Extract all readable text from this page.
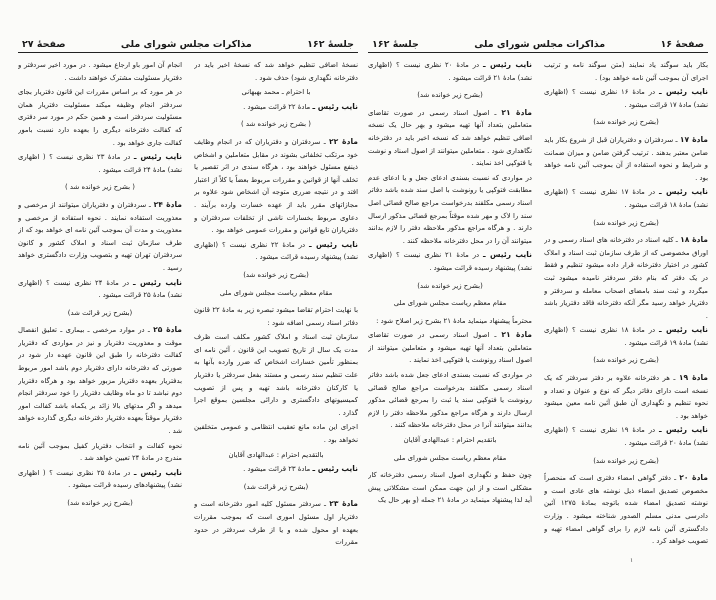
جلسهٔ ۱۶۲
مذاکرات مجلس شورای ملی
صفحهٔ ۲۷

نسخهٔ اضافی تنظیم خواهد شد که نسخهٔ اخیر باید در دفترخانه نگهداری شود) حذف شود .

با احترام ـ محمد بهبهانی

نایب رئیس ـ مادهٔ ۲۲ قرائت میشود .

( بشرح زیر خوانده شد )

مادهٔ ۲۲ ـ سردفتران و دفتریاران که در انجام وظایف خود مرتکب تخلفاتی بشوند در مقابل متعاملین و اشخاص ذینفع مسئول خواهند بود ، هرگاه سندی در اثر تقصیر یا تخلف آنها از قوانین و مقررات مربوط بعضاً یا کلاً از اعتبار افتد و در نتیجه ضرری متوجه آن اشخاص شود علاوه بر مجازاتهای مقرر باید از عهده خسارت وارده برآیند . دعاوی مربوط بخسارات ناشی از تخلفات سردفتران و دفتریاران تابع قوانین و مقررات عمومی خواهد بود .

نایب رئیس ـ در مادهٔ ۲۲ نظری نیست ؟ (اظهاری نشد) پیشنهاد رسیده قرائت میشود .

(بشرح زیر خوانده شد)

مقام معظم ریاست مجلس شورای ملی

با نهایت احترام تقاضا میشود تبصره زیر به مادهٔ ۲۲ قانون دفاتر اسناد رسمی اضافه شود :

سازمان ثبت اسناد و املاک کشور مکلف است ظرف مدت یک سال از تاریخ تصویب این قانون ، آئین نامه ای بمنظور تأمین خسارات اشخاص که ضرر وارده بآنها به علت تنظیم سند رسمی و مستند بفعل سردفتر یا دفتریار یا کارکنان دفترخانه باشد تهیه و پس از تصویب کمیسیونهای دادگستری و دارائی مجلسین بموقع اجرا گذارد .

اجرای این ماده مانع تعقیب انتظامی و عمومی متخلفین نخواهد بود .

بالتقدیم احترام : عبدالهادی آقایان

نایب رئیس ـ مادهٔ ۲۳ قرائت میشود .

(بشرح زیر قرائت شد)

مادهٔ ۲۳ ـ سردفتر مسئول کلیه امور دفترخانه است و دفتریار اول مسئول اموری است که بموجب مقررات بعهده او محول شده و یا از طرف سردفتر در حدود مقررات

انجام آن امور باو ارجاع میشود . در مورد اخیر سردفتر و دفتریار مسئولیت مشترک خواهند داشت .

در هر مورد که بر اساس مقررات این قانون دفتریار بجای سردفتر انجام وظیفه میکند مسئولیت دفتریار همان مسئولیت سردفتر است و همین حکم در مورد سر دفتری که کفالت دفترخانه دیگری را بعهده دارد نسبت بامور کفالت جاری خواهد بود .

نایب رئیس ـ در مادهٔ ۲۳ نظری نیست ؟ ( اظهاری نشد) مادهٔ ۲۴ قرائت میشود .

( بشرح زیر خوانده شد )

مادهٔ ۲۴ ـ سردفتران و دفتریاران میتوانند از مرخصی و معذوریت استفاده نمایند . نحوه استفاده از مرخصی و معذوریت و مدت آن بموجب آئین نامه ای خواهد بود که از طرف سازمان ثبت اسناد و املاک کشور و کانون سردفتران تهران تهیه و بتصویب وزارت دادگستری خواهد رسید .

نایب رئیس ـ در مادهٔ ۲۴ نظری نیست ؟ (اظهاری نشد) مادهٔ ۲۵ قرائت میشود .

(بشرح زیر قرائت شد)

مادهٔ ۲۵ ـ در موارد مرخصی ـ بیماری ـ تعلیق انفصال موقت و معذوریت دفتریار و نیز در مواردی که دفتریار کفالت دفترخانه را طبق این قانون عهده دار شود در صورتی که دفترخانه دارای دفتریار دوم باشد امور مربوط بدفتریار بعهده دفتریار مزبور خواهد بود و هرگاه دفتریار دوم نباشد تا دو ماه وظایف دفتریار را خود سردفتر انجام میدهد و اگر مدتهای بالا زائد بر یکماه باشد کفالت امور دفتریار موقتاً بعهده دفتریار دفترخانه دیگری گذارده خواهد شد .

نحوه کفالت و انتخاب دفتریار کفیل بموجب آئین نامه مندرج در مادهٔ ۲۴ تعیین خواهد شد .

نایب رئیس ـ در مادهٔ ۲۵ نظری نیست ؟ ( اظهاری نشد) پیشنهادهای رسیده قرائت میشود .

(بشرح زیر خوانده شد)

صفحهٔ ۱۶
مذاکرات مجلس شورای ملی
جلسهٔ ۱۶۲

بکار باید سوگند یاد نمایند (متن سوگند نامه و ترتیب اجرای آن بموجب آئین نامه خواهد بود) .

نایب رئیس ـ در مادهٔ ۱۶ نظری نیست ؟ (اظهاری نشد) مادهٔ ۱۷ قرائت میشود .

(بشرح زیر خوانده شد)

مادهٔ ۱۷ ـ سردفتران و دفتریاران قبل از شروع بکار باید ضامن معتبر بدهند . ترتیب گرفتن ضامن و میزان ضمانت و شرایط و نحوه استفاده از آن بموجب آئین نامه خواهد بود .

نایب رئیس ـ در مادهٔ ۱۷ نظری نیست ؟ (اظهاری نشد) مادهٔ ۱۸ قرائت میشود .

(بشرح زیر خوانده شد)

مادهٔ ۱۸ ـ کلیه اسناد در دفترخانه های اسناد رسمی و در اوراق مخصوصی که از طرف سازمان ثبت اسناد و املاک کشور در اختیار دفترخانه قرار داده میشود تنظیم و فقط در یک دفتر که بنام دفتر سردفتر نامیده میشود ثبت میگردد و ثبت سند بامضای اصحاب معامله و سردفتر و دفتریار خواهد رسید مگر آنکه دفترخانه فاقد دفتریار باشد .

نایب رئیس ـ در مادهٔ ۱۸ نظری نیست ؟ (اظهاری نشد) مادهٔ ۱۹ قرائت میشود .

(بشرح زیر خوانده شد)

مادهٔ ۱۹ ـ هر دفترخانه علاوه بر دفتر سردفتر که یک نسخه است دارای دفاتر دیگر که نوع و عنوان و تعداد و نحوه تنظیم و نگهداری آن طبق آئین نامه معین میشود خواهد بود .

نایب رئیس ـ در مادهٔ ۱۹ نظری نیست ؟ (اظهاری نشد) مادهٔ ۲۰ قرائت میشود .

(بشرح زیر خوانده شد)

مادهٔ ۲۰ ـ دفتر گواهی امضاء دفتری است که منحصراً مخصوص تصدیق امضاء ذیل نوشته های عادی است و نوشته تصدیق امضاء شده باتوجه بمادهٔ ۱۲۷۵ آئین دادرسی مدنی مسلم الصدور شناخته میشود . وزارت دادگستری آئین نامه لازم را برای گواهی امضاء تهیه و تصویب خواهد کرد .

نایب رئیس ـ در مادهٔ ۲۰ نظری نیست ؟ (اظهاری نشد) مادهٔ ۲۱ قرائت میشود .

(بشرح زیر خوانده شد)

مادهٔ ۲۱ ـ اصول اسناد رسمی در صورت تقاضای متعاملین بتعداد آنها تهیه میشود و بهر حال یک نسخه اضافی تنظیم خواهد شد که نسخه اخیر باید در دفترخانه نگاهداری شود . متعاملین میتوانند از اصول اسناد و نوشت یا فتوکپی اخذ نمایند .

در مواردی که نسبت بسندی ادعای جعل و یا ادعای عدم مطابقت فتوکپی یا رونوشت با اصل سند شده باشد دفاتر اسناد رسمی مکلفند بدرخواست مراجع صالح قضائی اصل سند را لاک و مهر شده موقتاً بمرجع قضائی مذکور ارسال دارند . و هرگاه مراجع مذکور ملاحظه دفتر را لازم بدانند میتوانند آن را در محل دفترخانه ملاحظه کنند .

نایب رئیس ـ در مادهٔ ۲۱ نظری نیست ؟ (اظهاری نشد) پیشنهاد رسیده قرائت میشود .

(بشرح زیر خوانده شد)

مقام معظم ریاست مجلس شورای ملی

محترماً پیشنهاد مینماید مادهٔ ۲۱ بشرح زیر اصلاح شود :

مادهٔ ۲۱ ـ اصول اسناد رسمی در صورت تقاضای متعاملین بتعداد آنها تهیه میشود و متعاملین میتوانند از اصول اسناد رونوشت یا فتوکپی اخذ نمایند .

در مواردی که نسبت بسندی ادعای جعل شده باشد دفاتر اسناد رسمی مکلفند بدرخواست مراجع صالح قضائی رونوشت یا فتوکپی سند یا ثبت را بمرجع قضائی مذکور ارسال دارند و هرگاه مراجع مذکور ملاحظه دفتر را لازم بدانند میتوانند آنرا در محل دفترخانه ملاحظه کنند .

باتقدیم احترام : عبدالهادی آقایان

مقام معظم ریاست مجلس شورای ملی

چون حفظ و نگهداری اصول اسناد رسمی دفترخانه کار مشکلی است و از این جهت ممکن است مشکلاتی پیش آید لذا پیشنهاد مینماید در مادهٔ ۲۱ جمله (و بهر حال یک

۱
